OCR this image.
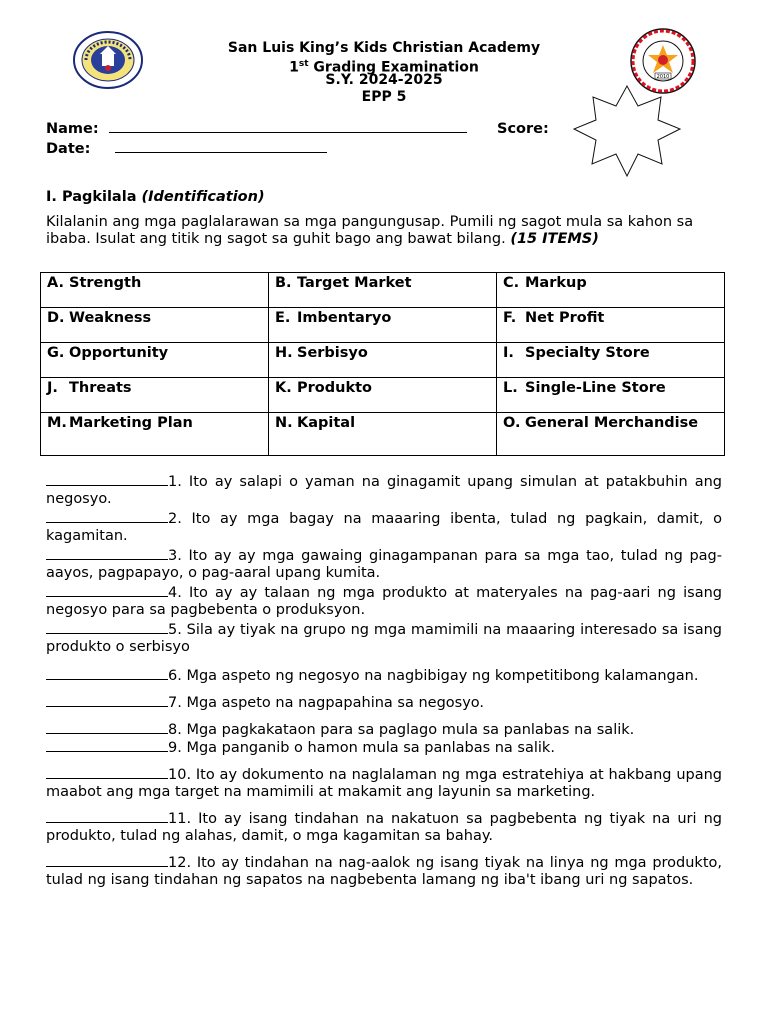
2010
San Luis King’s Kids Christian Academy
1st Grading Examination
S.Y. 2024-2025
EPP 5
Name:	Score:
Date:
I. Pagkilala (Identification)
Kilalanin ang mga paglalarawan sa mga pangungusap. Pumili ng sagot mula sa kahon sa ibaba. Isulat ang titik ng sagot sa guhit bago ang bawat bilang. (15 ITEMS)
A. Strength	B. Target Market	C. Markup
D. Weakness	E. Imbentaryo	F. Net Profit
G. Opportunity	H. Serbisyo	I. Specialty Store
J. Threats	K. Produkto	L. Single-Line Store
M. Marketing Plan	N. Kapital	O. General Merchandise
1. Ito ay salapi o yaman na ginagamit upang simulan at patakbuhin ang negosyo.
2. Ito ay mga bagay na maaaring ibenta, tulad ng pagkain, damit, o kagamitan.
3. Ito ay ay mga gawaing ginagampanan para sa mga tao, tulad ng pag-aayos, pagpapayo, o pag-aaral upang kumita.
4. Ito ay ay talaan ng mga produkto at materyales na pag-aari ng isang negosyo para sa pagbebenta o produksyon.
5. Sila ay tiyak na grupo ng mga mamimili na maaaring interesado sa isang produkto o serbisyo
6. Mga aspeto ng negosyo na nagbibigay ng kompetitibong kalamangan.
7. Mga aspeto na nagpapahina sa negosyo.
8. Mga pagkakataon para sa paglago mula sa panlabas na salik.
9. Mga panganib o hamon mula sa panlabas na salik.
10. Ito ay dokumento na naglalaman ng mga estratehiya at hakbang upang maabot ang mga target na mamimili at makamit ang layunin sa marketing.
11. Ito ay isang tindahan na nakatuon sa pagbebenta ng tiyak na uri ng produkto, tulad ng alahas, damit, o mga kagamitan sa bahay.
12. Ito ay tindahan na nag-aalok ng isang tiyak na linya ng mga produkto, tulad ng isang tindahan ng sapatos na nagbebenta lamang ng iba't ibang uri ng sapatos.
